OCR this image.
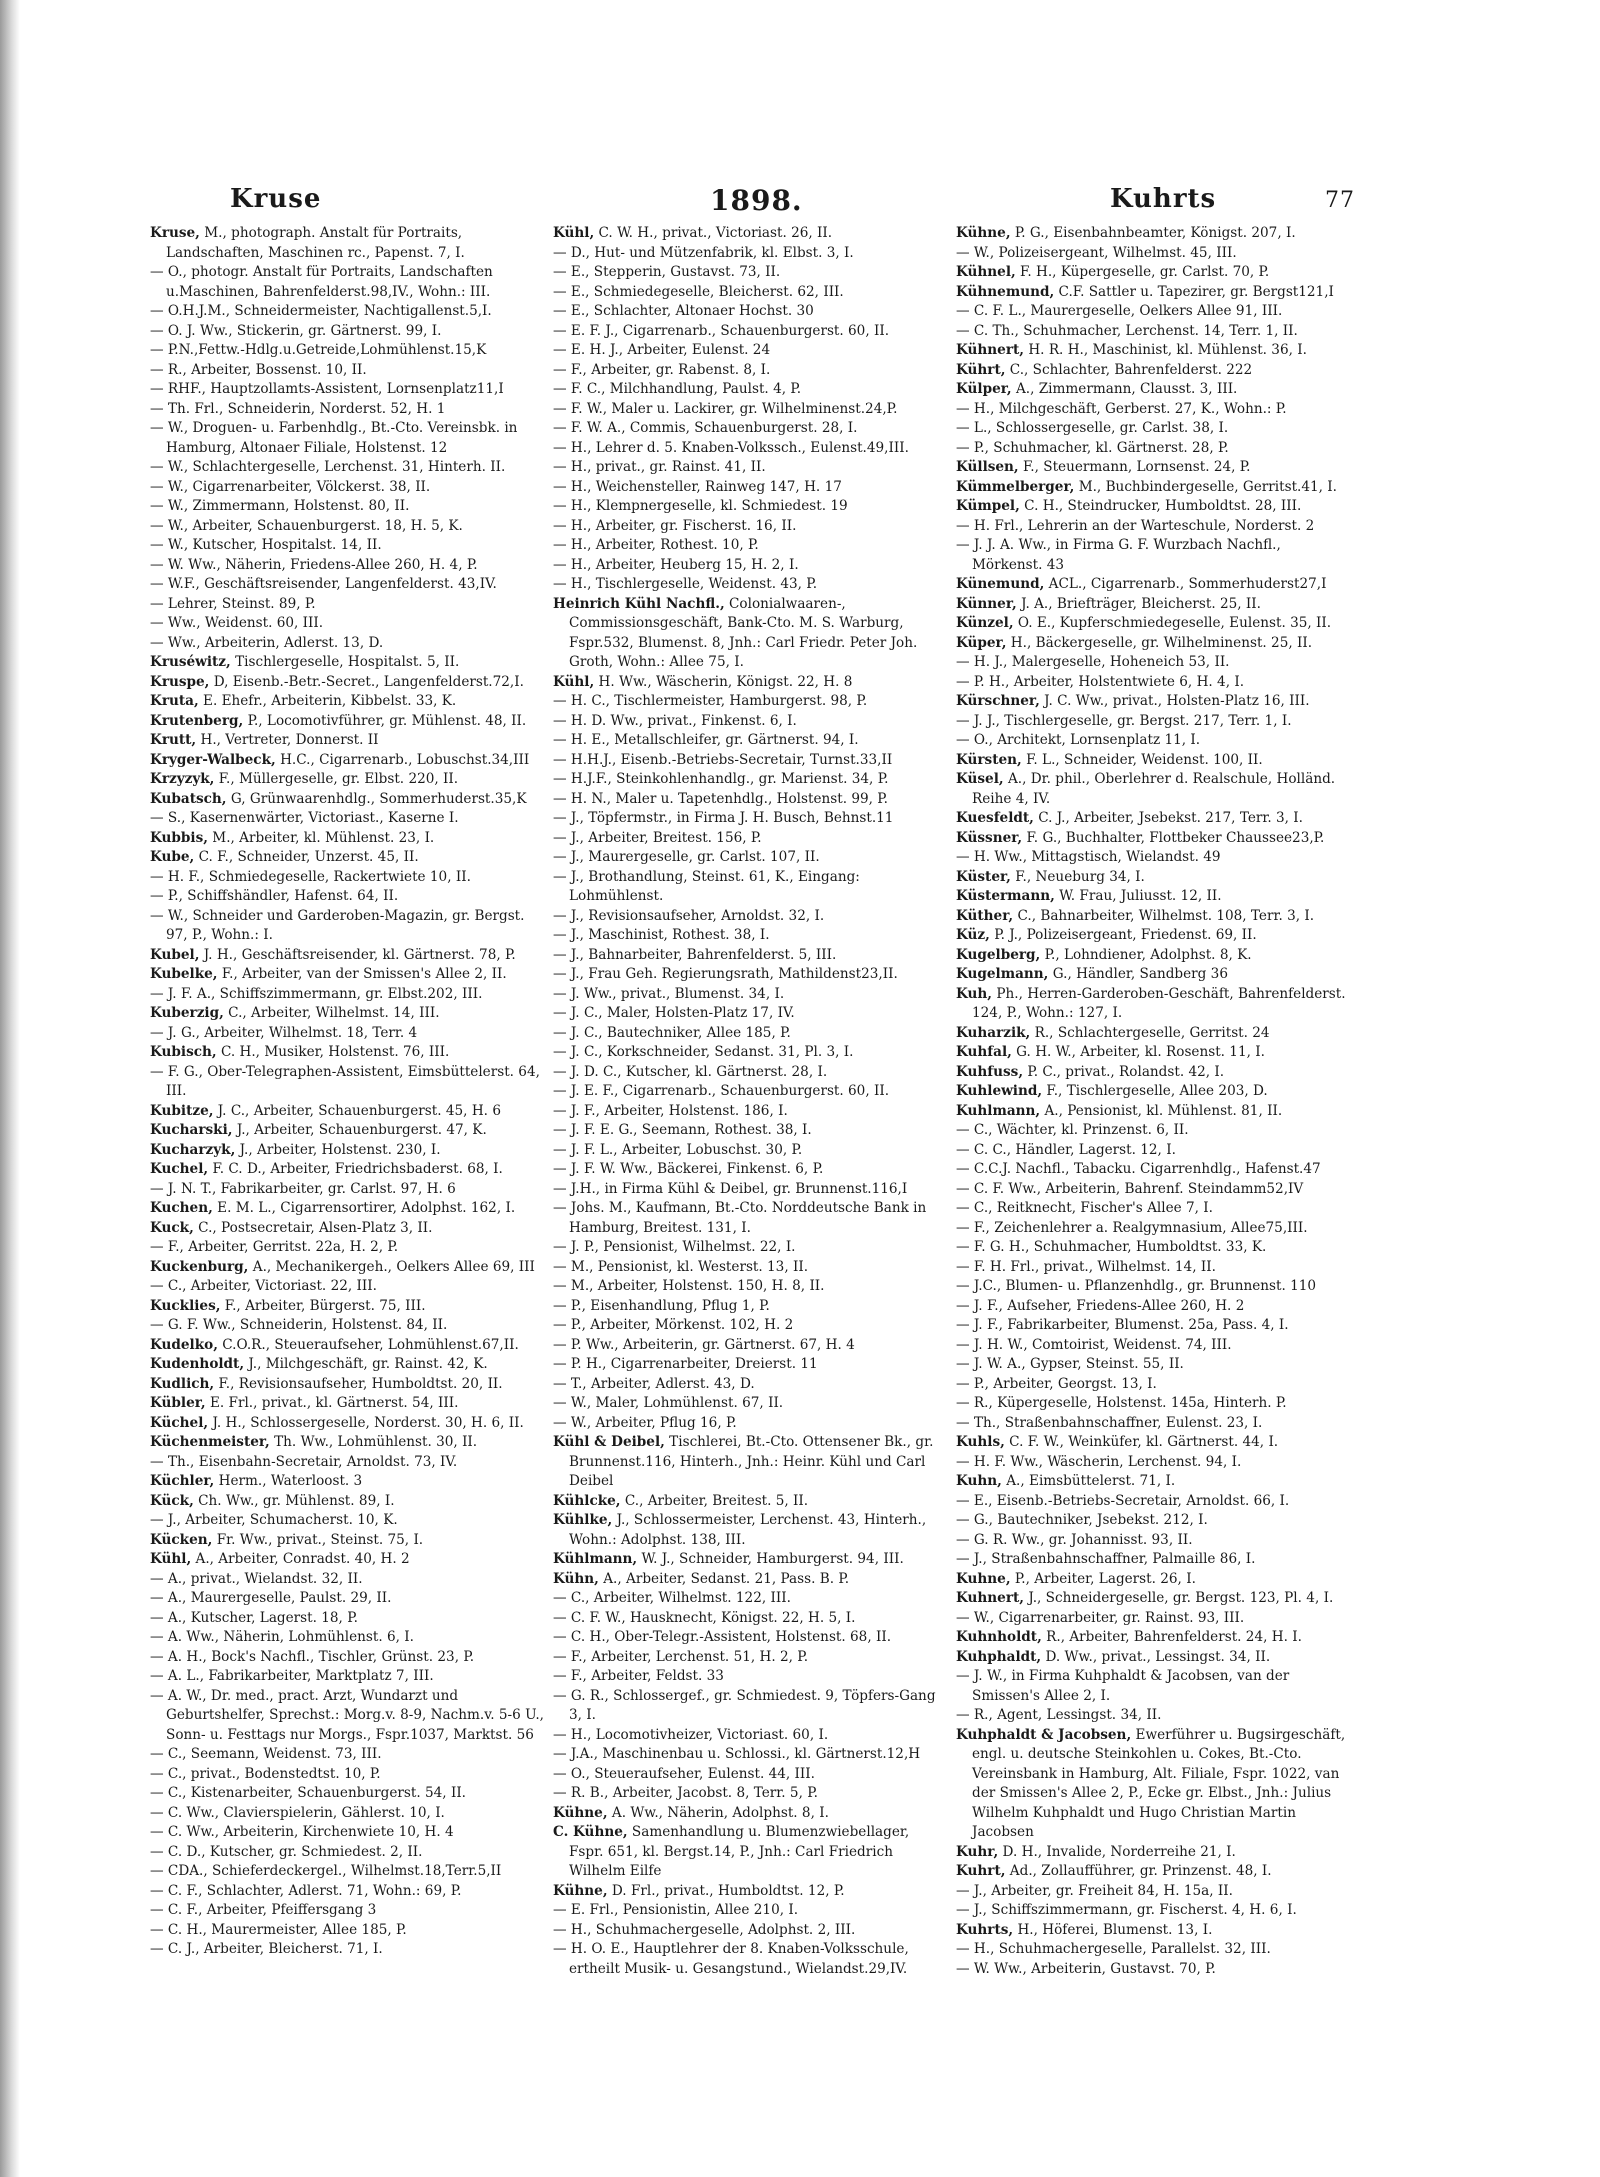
Kruse	1898.	Kuhrts	77
Kruse, M., photograph. Anstalt für Portraits, Landschaften, Maschinen rc., Papenst. 7, I.
— O., photogr. Anstalt für Portraits, Landschaften u.Maschinen, Bahrenfelderst.98,IV., Wohn.: III.
— O.H.J.M., Schneidermeister, Nachtigallenst.5,I.
— O. J. Ww., Stickerin, gr. Gärtnerst. 99, I.
— P.N.,Fettw.-Hdlg.u.Getreide,Lohmühlenst.15,K
— R., Arbeiter, Bossenst. 10, II.
— RHF., Hauptzollamts-Assistent, Lornsenplatz11,I
— Th. Frl., Schneiderin, Norderst. 52, H. 1
— W., Droguen- u. Farbenhdlg., Bt.-Cto. Vereinsbk. in Hamburg, Altonaer Filiale, Holstenst. 12
— W., Schlachtergeselle, Lerchenst. 31, Hinterh. II.
— W., Cigarrenarbeiter, Völckerst. 38, II.
— W., Zimmermann, Holstenst. 80, II.
— W., Arbeiter, Schauenburgerst. 18, H. 5, K.
— W., Kutscher, Hospitalst. 14, II.
— W. Ww., Näherin, Friedens-Allee 260, H. 4, P.
— W.F., Geschäftsreisender, Langenfelderst. 43,IV.
— Lehrer, Steinst. 89, P.
— Ww., Weidenst. 60, III.
— Ww., Arbeiterin, Adlerst. 13, D.
Kruséwitz, Tischlergeselle, Hospitalst. 5, II.
Kruspe, D, Eisenb.-Betr.-Secret., Langenfelderst.72,I.
Kruta, E. Ehefr., Arbeiterin, Kibbelst. 33, K.
Krutenberg, P., Locomotivführer, gr. Mühlenst. 48, II.
Krutt, H., Vertreter, Donnerst. II
Kryger-Walbeck, H.C., Cigarrenarb., Lobuschst.34,III
Krzyzyk, F., Müllergeselle, gr. Elbst. 220, II.
Kubatsch, G, Grünwaarenhdlg., Sommerhuderst.35,K
— S., Kasernenwärter, Victoriast., Kaserne I.
Kubbis, M., Arbeiter, kl. Mühlenst. 23, I.
Kube, C. F., Schneider, Unzerst. 45, II.
— H. F., Schmiedegeselle, Rackertwiete 10, II.
— P., Schiffshändler, Hafenst. 64, II.
— W., Schneider und Garderoben-Magazin, gr. Bergst. 97, P., Wohn.: I.
Kubel, J. H., Geschäftsreisender, kl. Gärtnerst. 78, P.
Kubelke, F., Arbeiter, van der Smissen's Allee 2, II.
— J. F. A., Schiffszimmermann, gr. Elbst.202, III.
Kuberzig, C., Arbeiter, Wilhelmst. 14, III.
— J. G., Arbeiter, Wilhelmst. 18, Terr. 4
Kubisch, C. H., Musiker, Holstenst. 76, III.
— F. G., Ober-Telegraphen-Assistent, Eimsbüttelerst. 64, III.
Kubitze, J. C., Arbeiter, Schauenburgerst. 45, H. 6
Kucharski, J., Arbeiter, Schauenburgerst. 47, K.
Kucharzyk, J., Arbeiter, Holstenst. 230, I.
Kuchel, F. C. D., Arbeiter, Friedrichsbaderst. 68, I.
— J. N. T., Fabrikarbeiter, gr. Carlst. 97, H. 6
Kuchen, E. M. L., Cigarrensortirer, Adolphst. 162, I.
Kuck, C., Postsecretair, Alsen-Platz 3, II.
— F., Arbeiter, Gerritst. 22a, H. 2, P.
Kuckenburg, A., Mechanikergeh., Oelkers Allee 69, III
— C., Arbeiter, Victoriast. 22, III.
Kucklies, F., Arbeiter, Bürgerst. 75, III.
— G. F. Ww., Schneiderin, Holstenst. 84, II.
Kudelko, C.O.R., Steueraufseher, Lohmühlenst.67,II.
Kudenholdt, J., Milchgeschäft, gr. Rainst. 42, K.
Kudlich, F., Revisionsaufseher, Humboldtst. 20, II.
Kübler, E. Frl., privat., kl. Gärtnerst. 54, III.
Küchel, J. H., Schlossergeselle, Norderst. 30, H. 6, II.
Küchenmeister, Th. Ww., Lohmühlenst. 30, II.
— Th., Eisenbahn-Secretair, Arnoldst. 73, IV.
Küchler, Herm., Waterloost. 3
Kück, Ch. Ww., gr. Mühlenst. 89, I.
— J., Arbeiter, Schumacherst. 10, K.
Kücken, Fr. Ww., privat., Steinst. 75, I.
Kühl, A., Arbeiter, Conradst. 40, H. 2
— A., privat., Wielandst. 32, II.
— A., Maurergeselle, Paulst. 29, II.
— A., Kutscher, Lagerst. 18, P.
— A. Ww., Näherin, Lohmühlenst. 6, I.
— A. H., Bock's Nachfl., Tischler, Grünst. 23, P.
— A. L., Fabrikarbeiter, Marktplatz 7, III.
— A. W., Dr. med., pract. Arzt, Wundarzt und Geburtshelfer, Sprechst.: Morg.v. 8-9, Nachm.v. 5-6 U., Sonn- u. Festtags nur Morgs., Fspr.1037, Marktst. 56
— C., Seemann, Weidenst. 73, III.
— C., privat., Bodenstedtst. 10, P.
— C., Kistenarbeiter, Schauenburgerst. 54, II.
— C. Ww., Clavierspielerin, Gählerst. 10, I.
— C. Ww., Arbeiterin, Kirchenwiete 10, H. 4
— C. D., Kutscher, gr. Schmiedest. 2, II.
— CDA., Schieferdeckergel., Wilhelmst.18,Terr.5,II
— C. F., Schlachter, Adlerst. 71, Wohn.: 69, P.
— C. F., Arbeiter, Pfeiffersgang 3
— C. H., Maurermeister, Allee 185, P.
— C. J., Arbeiter, Bleicherst. 71, I.
Kühl, C. W. H., privat., Victoriast. 26, II.
— D., Hut- und Mützenfabrik, kl. Elbst. 3, I.
— E., Stepperin, Gustavst. 73, II.
— E., Schmiedegeselle, Bleicherst. 62, III.
— E., Schlachter, Altonaer Hochst. 30
— E. F. J., Cigarrenarb., Schauenburgerst. 60, II.
— E. H. J., Arbeiter, Eulenst. 24
— F., Arbeiter, gr. Rabenst. 8, I.
— F. C., Milchhandlung, Paulst. 4, P.
— F. W., Maler u. Lackirer, gr. Wilhelminenst.24,P.
— F. W. A., Commis, Schauenburgerst. 28, I.
— H., Lehrer d. 5. Knaben-Volkssch., Eulenst.49,III.
— H., privat., gr. Rainst. 41, II.
— H., Weichensteller, Rainweg 147, H. 17
— H., Klempnergeselle, kl. Schmiedest. 19
— H., Arbeiter, gr. Fischerst. 16, II.
— H., Arbeiter, Rothest. 10, P.
— H., Arbeiter, Heuberg 15, H. 2, I.
— H., Tischlergeselle, Weidenst. 43, P.
Heinrich Kühl Nachfl., Colonialwaaren-, Commissionsgeschäft, Bank-Cto. M. S. Warburg, Fspr.532, Blumenst. 8, Jnh.: Carl Friedr. Peter Joh. Groth, Wohn.: Allee 75, I.
Kühl, H. Ww., Wäscherin, Königst. 22, H. 8
— H. C., Tischlermeister, Hamburgerst. 98, P.
— H. D. Ww., privat., Finkenst. 6, I.
— H. E., Metallschleifer, gr. Gärtnerst. 94, I.
— H.H.J., Eisenb.-Betriebs-Secretair, Turnst.33,II
— H.J.F., Steinkohlenhandlg., gr. Marienst. 34, P.
— H. N., Maler u. Tapetenhdlg., Holstenst. 99, P.
— J., Töpfermstr., in Firma J. H. Busch, Behnst.11
— J., Arbeiter, Breitest. 156, P.
— J., Maurergeselle, gr. Carlst. 107, II.
— J., Brothandlung, Steinst. 61, K., Eingang: Lohmühlenst.
— J., Revisionsaufseher, Arnoldst. 32, I.
— J., Maschinist, Rothest. 38, I.
— J., Bahnarbeiter, Bahrenfelderst. 5, III.
— J., Frau Geh. Regierungsrath, Mathildenst23,II.
— J. Ww., privat., Blumenst. 34, I.
— J. C., Maler, Holsten-Platz 17, IV.
— J. C., Bautechniker, Allee 185, P.
— J. C., Korkschneider, Sedanst. 31, Pl. 3, I.
— J. D. C., Kutscher, kl. Gärtnerst. 28, I.
— J. E. F., Cigarrenarb., Schauenburgerst. 60, II.
— J. F., Arbeiter, Holstenst. 186, I.
— J. F. E. G., Seemann, Rothest. 38, I.
— J. F. L., Arbeiter, Lobuschst. 30, P.
— J. F. W. Ww., Bäckerei, Finkenst. 6, P.
— J.H., in Firma Kühl & Deibel, gr. Brunnenst.116,I
— Johs. M., Kaufmann, Bt.-Cto. Norddeutsche Bank in Hamburg, Breitest. 131, I.
— J. P., Pensionist, Wilhelmst. 22, I.
— M., Pensionist, kl. Westerst. 13, II.
— M., Arbeiter, Holstenst. 150, H. 8, II.
— P., Eisenhandlung, Pflug 1, P.
— P., Arbeiter, Mörkenst. 102, H. 2
— P. Ww., Arbeiterin, gr. Gärtnerst. 67, H. 4
— P. H., Cigarrenarbeiter, Dreierst. 11
— T., Arbeiter, Adlerst. 43, D.
— W., Maler, Lohmühlenst. 67, II.
— W., Arbeiter, Pflug 16, P.
Kühl & Deibel, Tischlerei, Bt.-Cto. Ottensener Bk., gr. Brunnenst.116, Hinterh., Jnh.: Heinr. Kühl und Carl Deibel
Kühlcke, C., Arbeiter, Breitest. 5, II.
Kühlke, J., Schlossermeister, Lerchenst. 43, Hinterh., Wohn.: Adolphst. 138, III.
Kühlmann, W. J., Schneider, Hamburgerst. 94, III.
Kühn, A., Arbeiter, Sedanst. 21, Pass. B. P.
— C., Arbeiter, Wilhelmst. 122, III.
— C. F. W., Hausknecht, Königst. 22, H. 5, I.
— C. H., Ober-Telegr.-Assistent, Holstenst. 68, II.
— F., Arbeiter, Lerchenst. 51, H. 2, P.
— F., Arbeiter, Feldst. 33
— G. R., Schlossergef., gr. Schmiedest. 9, Töpfers-Gang 3, I.
— H., Locomotivheizer, Victoriast. 60, I.
— J.A., Maschinenbau u. Schlossi., kl. Gärtnerst.12,H
— O., Steueraufseher, Eulenst. 44, III.
— R. B., Arbeiter, Jacobst. 8, Terr. 5, P.
Kühne, A. Ww., Näherin, Adolphst. 8, I.
C. Kühne, Samenhandlung u. Blumenzwiebellager, Fspr. 651, kl. Bergst.14, P., Jnh.: Carl Friedrich Wilhelm Eilfe
Kühne, D. Frl., privat., Humboldtst. 12, P.
— E. Frl., Pensionistin, Allee 210, I.
— H., Schuhmachergeselle, Adolphst. 2, III.
— H. O. E., Hauptlehrer der 8. Knaben-Volksschule, ertheilt Musik- u. Gesangstund., Wielandst.29,IV.
Kühne, P. G., Eisenbahnbeamter, Königst. 207, I.
— W., Polizeisergeant, Wilhelmst. 45, III.
Kühnel, F. H., Küpergeselle, gr. Carlst. 70, P.
Kühnemund, C.F. Sattler u. Tapezirer, gr. Bergst121,I
— C. F. L., Maurergeselle, Oelkers Allee 91, III.
— C. Th., Schuhmacher, Lerchenst. 14, Terr. 1, II.
Kühnert, H. R. H., Maschinist, kl. Mühlenst. 36, I.
Kührt, C., Schlachter, Bahrenfelderst. 222
Külper, A., Zimmermann, Clausst. 3, III.
— H., Milchgeschäft, Gerberst. 27, K., Wohn.: P.
— L., Schlossergeselle, gr. Carlst. 38, I.
— P., Schuhmacher, kl. Gärtnerst. 28, P.
Küllsen, F., Steuermann, Lornsenst. 24, P.
Kümmelberger, M., Buchbindergeselle, Gerritst.41, I.
Kümpel, C. H., Steindrucker, Humboldtst. 28, III.
— H. Frl., Lehrerin an der Warteschule, Norderst. 2
— J. J. A. Ww., in Firma G. F. Wurzbach Nachfl., Mörkenst. 43
Künemund, ACL., Cigarrenarb., Sommerhuderst27,I
Künner, J. A., Briefträger, Bleicherst. 25, II.
Künzel, O. E., Kupferschmiedegeselle, Eulenst. 35, II.
Küper, H., Bäckergeselle, gr. Wilhelminenst. 25, II.
— H. J., Malergeselle, Hoheneich 53, II.
— P. H., Arbeiter, Holstentwiete 6, H. 4, I.
Kürschner, J. C. Ww., privat., Holsten-Platz 16, III.
— J. J., Tischlergeselle, gr. Bergst. 217, Terr. 1, I.
— O., Architekt, Lornsenplatz 11, I.
Kürsten, F. L., Schneider, Weidenst. 100, II.
Küsel, A., Dr. phil., Oberlehrer d. Realschule, Holländ. Reihe 4, IV.
Kuesfeldt, C. J., Arbeiter, Jsebekst. 217, Terr. 3, I.
Küssner, F. G., Buchhalter, Flottbeker Chaussee23,P.
— H. Ww., Mittagstisch, Wielandst. 49
Küster, F., Neueburg 34, I.
Küstermann, W. Frau, Juliusst. 12, II.
Küther, C., Bahnarbeiter, Wilhelmst. 108, Terr. 3, I.
Küz, P. J., Polizeisergeant, Friedenst. 69, II.
Kugelberg, P., Lohndiener, Adolphst. 8, K.
Kugelmann, G., Händler, Sandberg 36
Kuh, Ph., Herren-Garderoben-Geschäft, Bahrenfelderst. 124, P., Wohn.: 127, I.
Kuharzik, R., Schlachtergeselle, Gerritst. 24
Kuhfal, G. H. W., Arbeiter, kl. Rosenst. 11, I.
Kuhfuss, P. C., privat., Rolandst. 42, I.
Kuhlewind, F., Tischlergeselle, Allee 203, D.
Kuhlmann, A., Pensionist, kl. Mühlenst. 81, II.
— C., Wächter, kl. Prinzenst. 6, II.
— C. C., Händler, Lagerst. 12, I.
— C.C.J. Nachfl., Tabacku. Cigarrenhdlg., Hafenst.47
— C. F. Ww., Arbeiterin, Bahrenf. Steindamm52,IV
— C., Reitknecht, Fischer's Allee 7, I.
— F., Zeichenlehrer a. Realgymnasium, Allee75,III.
— F. G. H., Schuhmacher, Humboldtst. 33, K.
— F. H. Frl., privat., Wilhelmst. 14, II.
— J.C., Blumen- u. Pflanzenhdlg., gr. Brunnenst. 110
— J. F., Aufseher, Friedens-Allee 260, H. 2
— J. F., Fabrikarbeiter, Blumenst. 25a, Pass. 4, I.
— J. H. W., Comtoirist, Weidenst. 74, III.
— J. W. A., Gypser, Steinst. 55, II.
— P., Arbeiter, Georgst. 13, I.
— R., Küpergeselle, Holstenst. 145a, Hinterh. P.
— Th., Straßenbahnschaffner, Eulenst. 23, I.
Kuhls, C. F. W., Weinküfer, kl. Gärtnerst. 44, I.
— H. F. Ww., Wäscherin, Lerchenst. 94, I.
Kuhn, A., Eimsbüttelerst. 71, I.
— E., Eisenb.-Betriebs-Secretair, Arnoldst. 66, I.
— G., Bautechniker, Jsebekst. 212, I.
— G. R. Ww., gr. Johannisst. 93, II.
— J., Straßenbahnschaffner, Palmaille 86, I.
Kuhne, P., Arbeiter, Lagerst. 26, I.
Kuhnert, J., Schneidergeselle, gr. Bergst. 123, Pl. 4, I.
— W., Cigarrenarbeiter, gr. Rainst. 93, III.
Kuhnholdt, R., Arbeiter, Bahrenfelderst. 24, H. I.
Kuhphaldt, D. Ww., privat., Lessingst. 34, II.
— J. W., in Firma Kuhphaldt & Jacobsen, van der Smissen's Allee 2, I.
— R., Agent, Lessingst. 34, II.
Kuhphaldt & Jacobsen, Ewerführer u. Bugsirgeschäft, engl. u. deutsche Steinkohlen u. Cokes, Bt.-Cto. Vereinsbank in Hamburg, Alt. Filiale, Fspr. 1022, van der Smissen's Allee 2, P., Ecke gr. Elbst., Jnh.: Julius Wilhelm Kuhphaldt und Hugo Christian Martin Jacobsen
Kuhr, D. H., Invalide, Norderreihe 21, I.
Kuhrt, Ad., Zollaufführer, gr. Prinzenst. 48, I.
— J., Arbeiter, gr. Freiheit 84, H. 15a, II.
— J., Schiffszimmermann, gr. Fischerst. 4, H. 6, I.
Kuhrts, H., Höferei, Blumenst. 13, I.
— H., Schuhmachergeselle, Parallelst. 32, III.
— W. Ww., Arbeiterin, Gustavst. 70, P.
